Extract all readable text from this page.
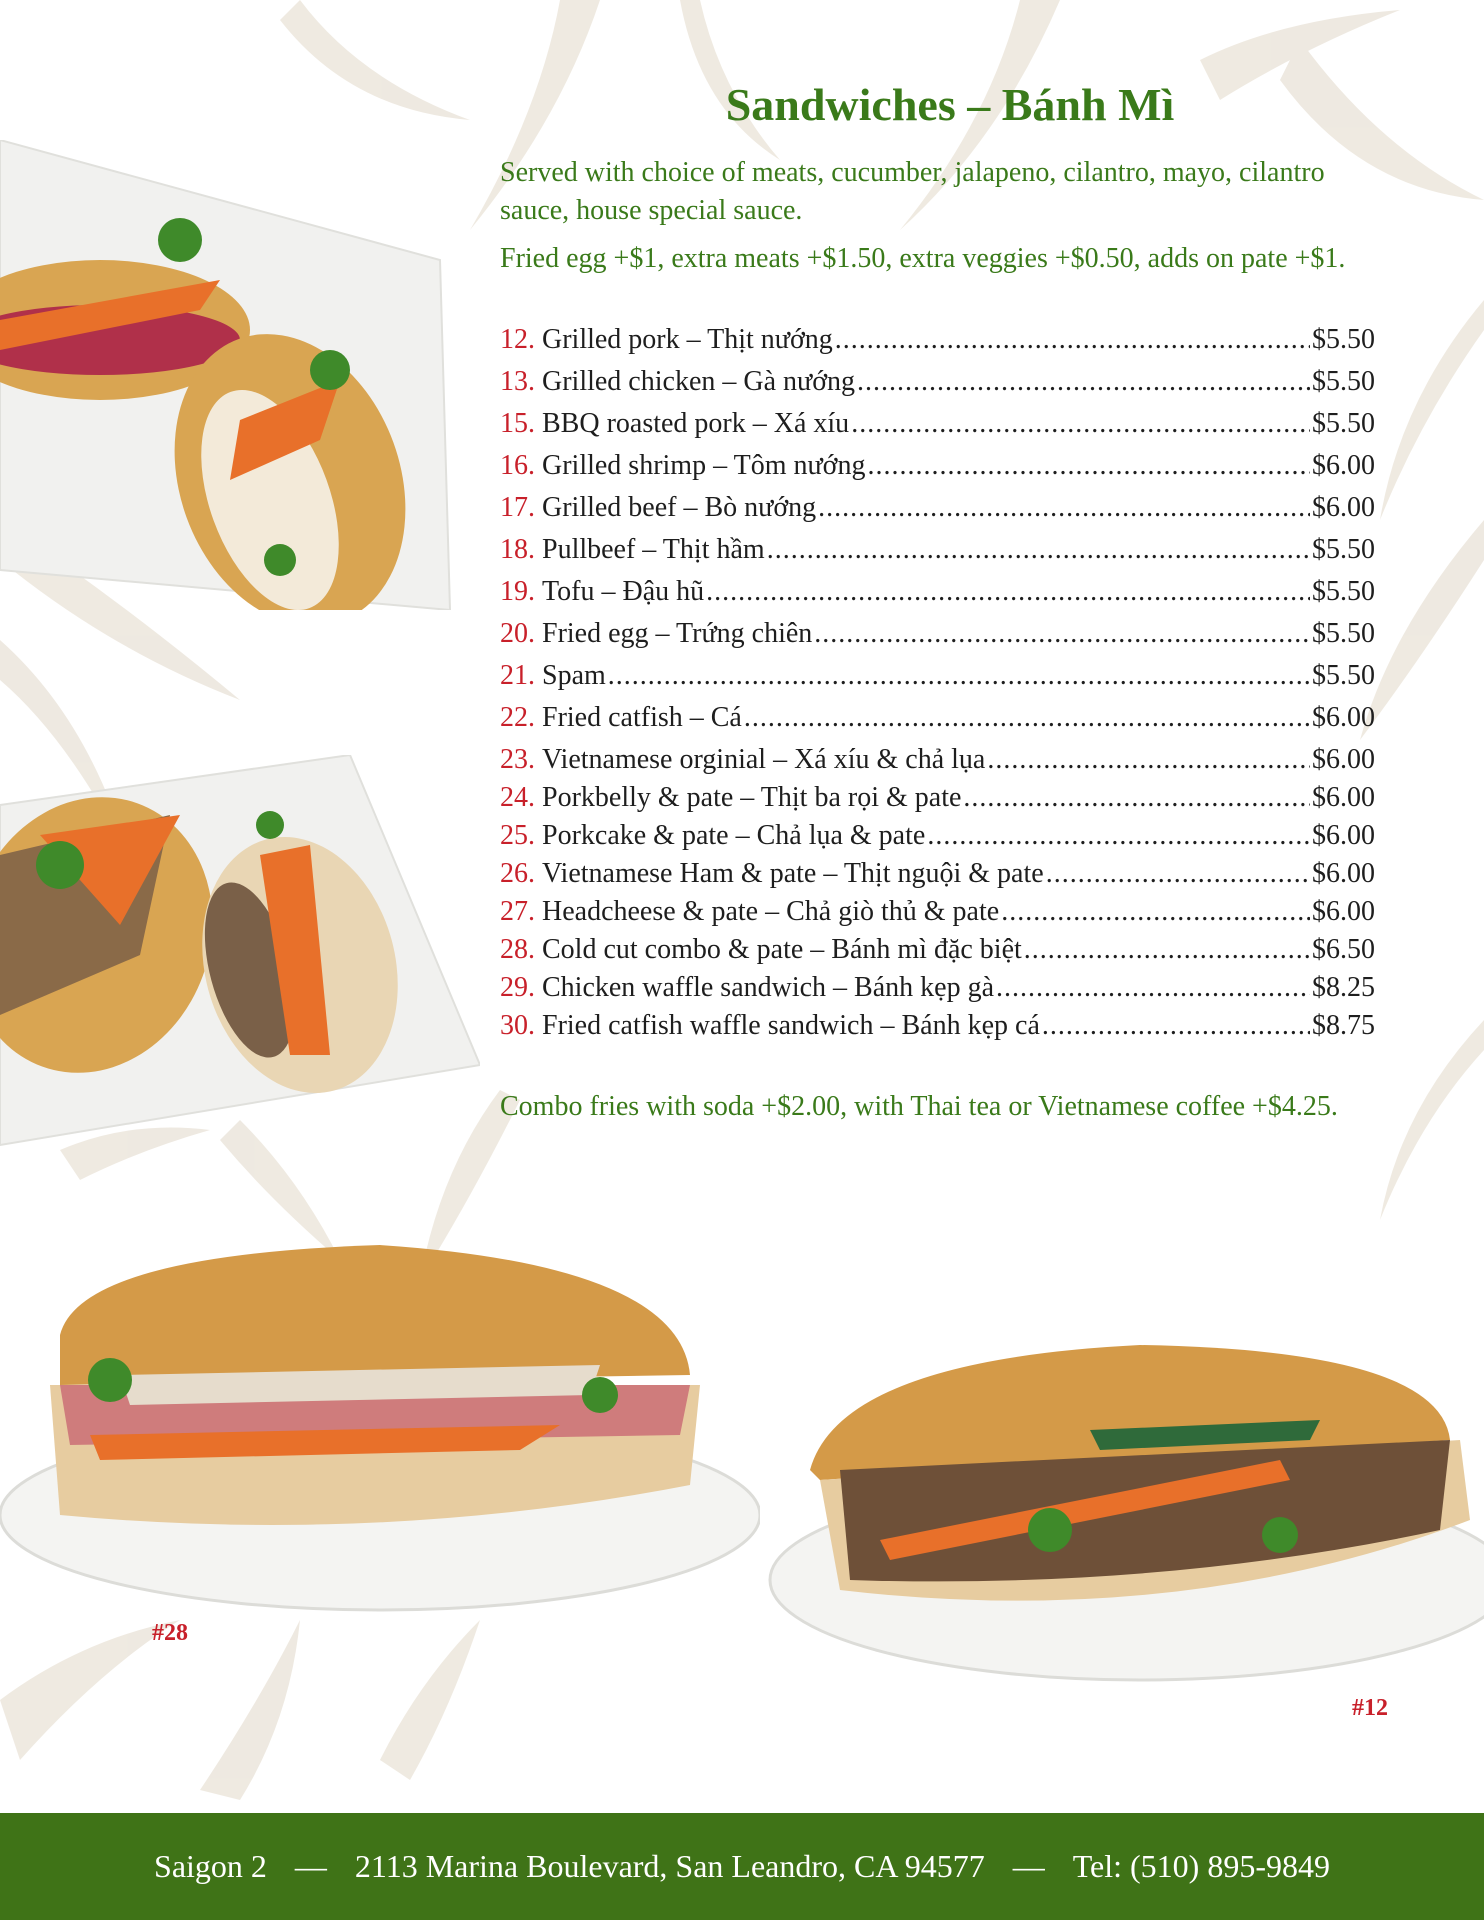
Sandwiches – Bánh Mì

Served with choice of meats, cucumber, jalapeno, cilantro, mayo, cilantro sauce, house special sauce.

Fried egg +$1, extra meats +$1.50, extra veggies +$0.50, adds on pate +$1.

12. Grilled pork – Thịt nướng .....	$5.50
13. Grilled chicken – Gà nướng .....	$5.50
15. BBQ roasted pork – Xá xíu .....	$5.50
16. Grilled shrimp – Tôm nướng .....	$6.00
17. Grilled beef – Bò nướng .....	$6.00
18. Pullbeef – Thịt hầm .....	$5.50
19. Tofu – Đậu hũ .....	$5.50
20. Fried egg – Trứng chiên .....	$5.50
21. Spam .....	$5.50
22. Fried catfish – Cá .....	$6.00
23. Vietnamese orginial – Xá xíu & chả lụa .....	$6.00
24. Porkbelly & pate – Thịt ba rọi & pate .....	$6.00
25. Porkcake & pate – Chả lụa & pate .....	$6.00
26. Vietnamese Ham & pate – Thịt nguội & pate .....	$6.00
27. Headcheese & pate – Chả giò thủ & pate .....	$6.00
28. Cold cut combo & pate – Bánh mì đặc biệt .....	$6.50
29. Chicken waffle sandwich – Bánh kẹp gà .....	$8.25
30. Fried catfish waffle sandwich – Bánh kẹp cá .....	$8.75

Combo fries with soda +$2.00, with Thai tea or Vietnamese coffee +$4.25.

#28
#12
Saigon 2 — 2113 Marina Boulevard, San Leandro, CA 94577 — Tel: (510) 895-9849
